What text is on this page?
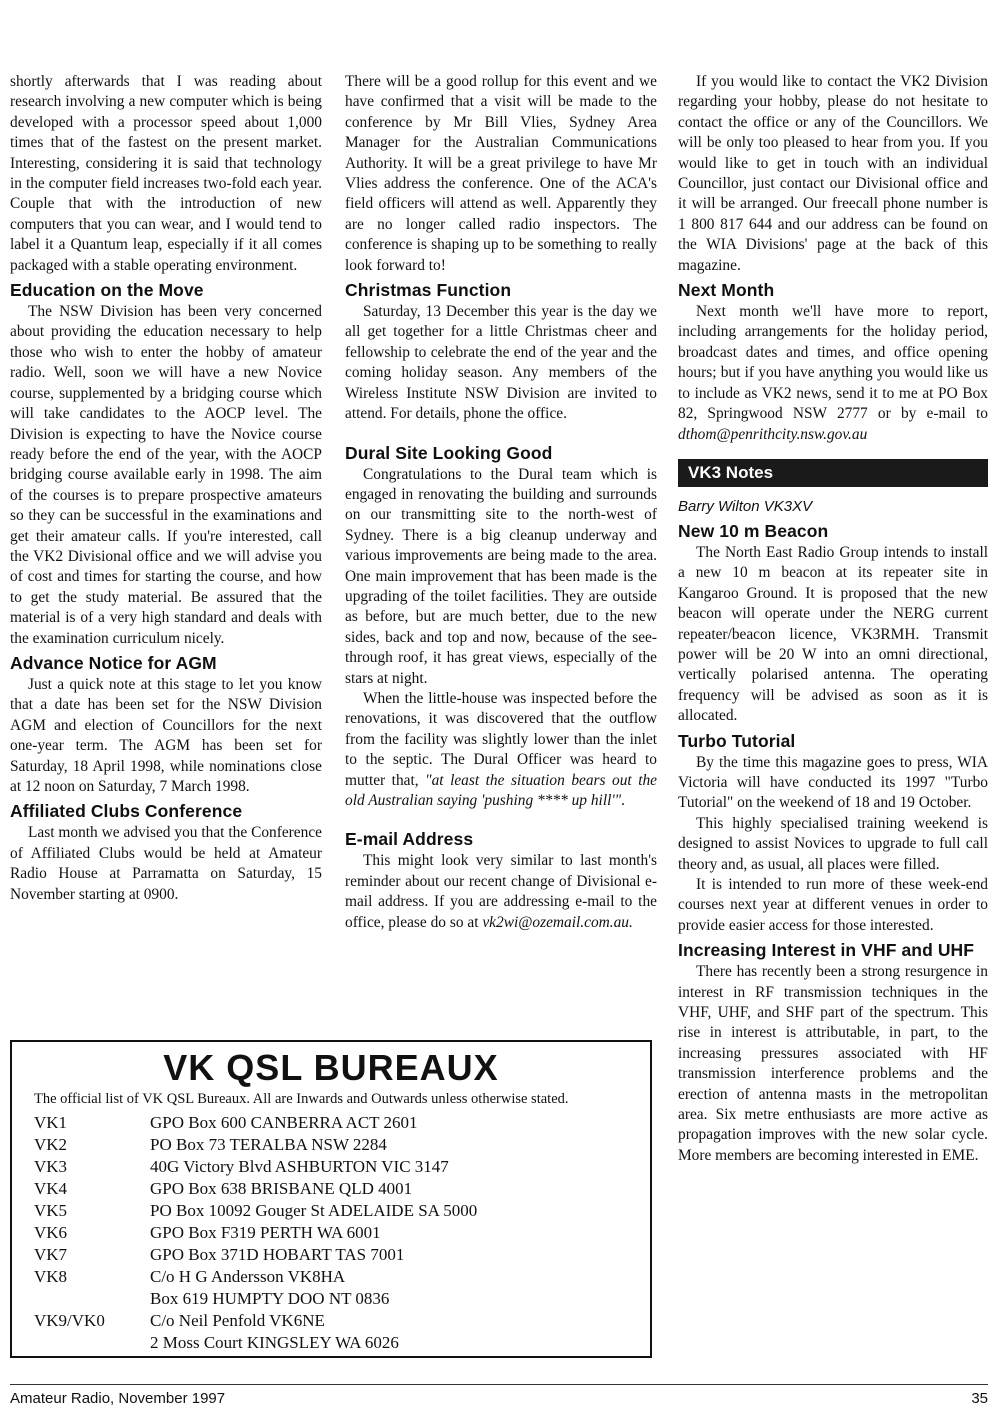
shortly afterwards that I was reading about research involving a new computer which is being developed with a processor speed about 1,000 times that of the fastest on the present market. Interesting, considering it is said that technology in the computer field increases two-fold each year. Couple that with the introduction of new computers that you can wear, and I would tend to label it a Quantum leap, especially if it all comes packaged with a stable operating environment.

Education on the Move

The NSW Division has been very concerned about providing the education necessary to help those who wish to enter the hobby of amateur radio. Well, soon we will have a new Novice course, supplemented by a bridging course which will take candidates to the AOCP level. The Division is expecting to have the Novice course ready before the end of the year, with the AOCP bridging course available early in 1998. The aim of the courses is to prepare prospective amateurs so they can be successful in the examinations and get their amateur calls. If you're interested, call the VK2 Divisional office and we will advise you of cost and times for starting the course, and how to get the study material. Be assured that the material is of a very high standard and deals with the examination curriculum nicely.

Advance Notice for AGM

Just a quick note at this stage to let you know that a date has been set for the NSW Division AGM and election of Councillors for the next one-year term. The AGM has been set for Saturday, 18 April 1998, while nominations close at 12 noon on Saturday, 7 March 1998.

Affiliated Clubs Conference

Last month we advised you that the Conference of Affiliated Clubs would be held at Amateur Radio House at Parramatta on Saturday, 15 November starting at 0900.

There will be a good rollup for this event and we have confirmed that a visit will be made to the conference by Mr Bill Vlies, Sydney Area Manager for the Australian Communications Authority. It will be a great privilege to have Mr Vlies address the conference. One of the ACA's field officers will attend as well. Apparently they are no longer called radio inspectors. The conference is shaping up to be something to really look forward to!

Christmas Function

Saturday, 13 December this year is the day we all get together for a little Christmas cheer and fellowship to celebrate the end of the year and the coming holiday season. Any members of the Wireless Institute NSW Division are invited to attend. For details, phone the office.

Dural Site Looking Good

Congratulations to the Dural team which is engaged in renovating the building and surrounds on our transmitting site to the north-west of Sydney. There is a big cleanup underway and various improvements are being made to the area. One main improvement that has been made is the upgrading of the toilet facilities. They are outside as before, but are much better, due to the new sides, back and top and now, because of the see-through roof, it has great views, especially of the stars at night.

When the little-house was inspected before the renovations, it was discovered that the outflow from the facility was slightly lower than the inlet to the septic. The Dural Officer was heard to mutter that, "at least the situation bears out the old Australian saying 'pushing **** up hill'".

E-mail Address

This might look very similar to last month's reminder about our recent change of Divisional e-mail address. If you are addressing e-mail to the office, please do so at vk2wi@ozemail.com.au.

If you would like to contact the VK2 Division regarding your hobby, please do not hesitate to contact the office or any of the Councillors. We will be only too pleased to hear from you. If you would like to get in touch with an individual Councillor, just contact our Divisional office and it will be arranged. Our freecall phone number is 1 800 817 644 and our address can be found on the WIA Divisions' page at the back of this magazine.

Next Month

Next month we'll have more to report, including arrangements for the holiday period, broadcast dates and times, and office opening hours; but if you have anything you would like us to include as VK2 news, send it to me at PO Box 82, Springwood NSW 2777 or by e-mail to dthom@penrithcity.nsw.gov.au

VK3 Notes
Barry Wilton VK3XV
New 10 m Beacon

The North East Radio Group intends to install a new 10 m beacon at its repeater site in Kangaroo Ground. It is proposed that the new beacon will operate under the NERG current repeater/beacon licence, VK3RMH. Transmit power will be 20 W into an omni directional, vertically polarised antenna. The operating frequency will be advised as soon as it is allocated.

Turbo Tutorial

By the time this magazine goes to press, WIA Victoria will have conducted its 1997 "Turbo Tutorial" on the weekend of 18 and 19 October.

This highly specialised training weekend is designed to assist Novices to upgrade to full call theory and, as usual, all places were filled.

It is intended to run more of these week-end courses next year at different venues in order to provide easier access for those interested.

Increasing Interest in VHF and UHF

There has recently been a strong resurgence in interest in RF transmission techniques in the VHF, UHF, and SHF part of the spectrum. This rise in interest is attributable, in part, to the increasing pressures associated with HF transmission interference problems and the erection of antenna masts in the metropolitan area. Six metre enthusiasts are more active as propagation improves with the new solar cycle. More members are becoming interested in EME.

VK QSL BUREAUX
The official list of VK QSL Bureaux. All are Inwards and Outwards unless otherwise stated.
VK1	GPO Box 600 CANBERRA ACT 2601
VK2	PO Box 73 TERALBA NSW 2284
VK3	40G Victory Blvd ASHBURTON VIC 3147
VK4	GPO Box 638 BRISBANE QLD 4001
VK5	PO Box 10092 Gouger St ADELAIDE SA 5000
VK6	GPO Box F319 PERTH WA 6001
VK7	GPO Box 371D HOBART TAS 7001
VK8	C/o H G Andersson VK8HA
Box 619 HUMPTY DOO NT 0836
VK9/VK0	C/o Neil Penfold VK6NE
2 Moss Court KINGSLEY WA 6026
Amateur Radio, November 1997	35
